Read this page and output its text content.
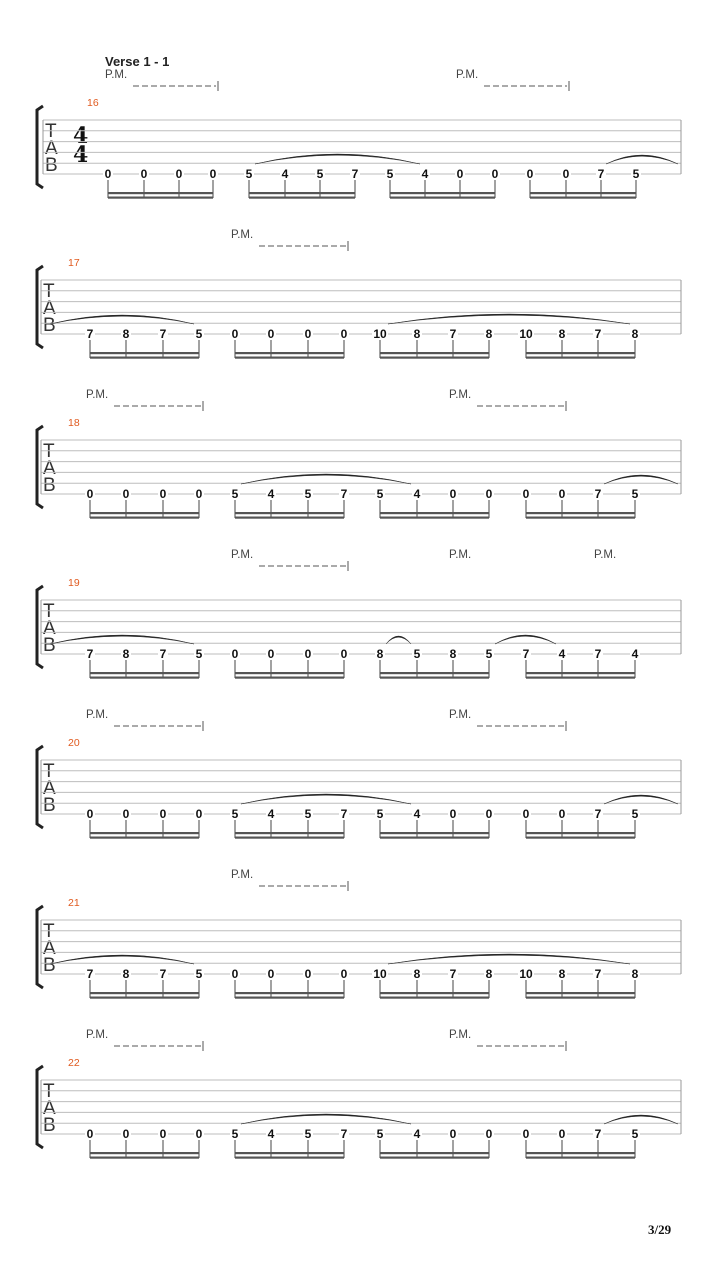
Verse 1 - 1
16
P.M.	P.M.
T
A
B
4
4
0 0 0 0 5 4 5 7 5 4 0 0 0 0 7 5
17
P.M.
T
A
B	7 8	7 5 0 0	0 0 10 8 7 8 10 8 7	8
18
P.M.	P.M.
T
A
B	0 0	0 0 5 4	5 7 5	4 0 0	0 0 7	5
19
P.M.	P.M.	P.M.
T
A
B	7 8	7 5 0 0	0 0 8	5 8 5	7 4 7	4
20
P.M.	P.M.
T
A
B	0 0	0 0 5 4	5 7 5	4 0 0	0 0 7	5
21
P.M.
T
A
B	7 8	7 5 0 0	0 0 10 8 7 8 10 8 7	8
22
P.M.	P.M.
T
A
B	0 0	0 0 5 4	5 7 5	4 0 0	0 0 7	5
3/29
